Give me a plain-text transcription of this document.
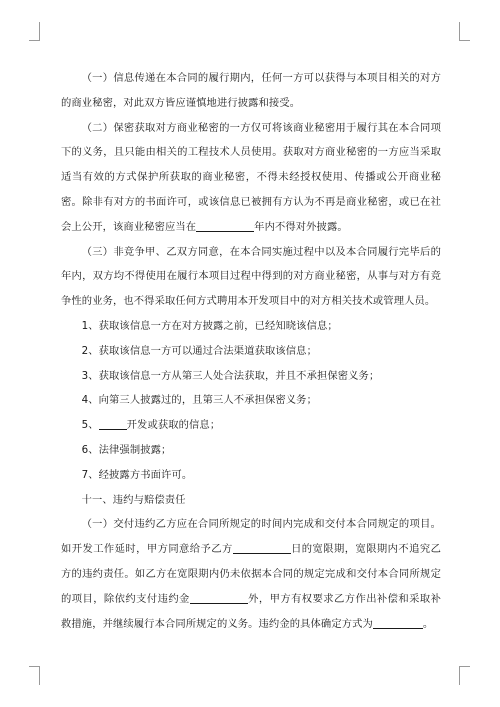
（一）信息传递在本合同的履行期内，任何一方可以获得与本项目相关的对方的商业秘密，对此双方皆应谨慎地进行披露和接受。

（二）保密获取对方商业秘密的一方仅可将该商业秘密用于履行其在本合同项下的义务，且只能由相关的工程技术人员使用。获取对方商业秘密的一方应当采取适当有效的方式保护所获取的商业秘密，不得未经授权使用、传播或公开商业秘密。除非有对方的书面许可，或该信息已被拥有方认为不再是商业秘密，或已在社会上公开，该商业秘密应当在	年内不得对外披露。

（三）非竞争甲、乙双方同意，在本合同实施过程中以及本合同履行完毕后的年内，双方均不得使用在履行本项目过程中得到的对方商业秘密，从事与对方有竞争性的业务，也不得采取任何方式聘用本开发项目中的对方相关技术或管理人员。

1、获取该信息一方在对方披露之前，已经知晓该信息；

2、获取该信息一方可以通过合法渠道获取该信息；

3、获取该信息一方从第三人处合法获取，并且不承担保密义务；

4、向第三人披露过的，且第三人不承担保密义务；

5、	开发或获取的信息；

6、法律强制披露；

7、经披露方书面许可。

十一、违约与赔偿责任

（一）交付违约乙方应在合同所规定的时间内完成和交付本合同规定的项目。如开发工作延时，甲方同意给予乙方	日的宽限期，宽限期内不追究乙方的违约责任。如乙方在宽限期内仍未依据本合同的规定完成和交付本合同所规定的项目，除依约支付违约金	外，甲方有权要求乙方作出补偿和采取补救措施，并继续履行本合同所规定的义务。违约金的具体确定方式为	。
